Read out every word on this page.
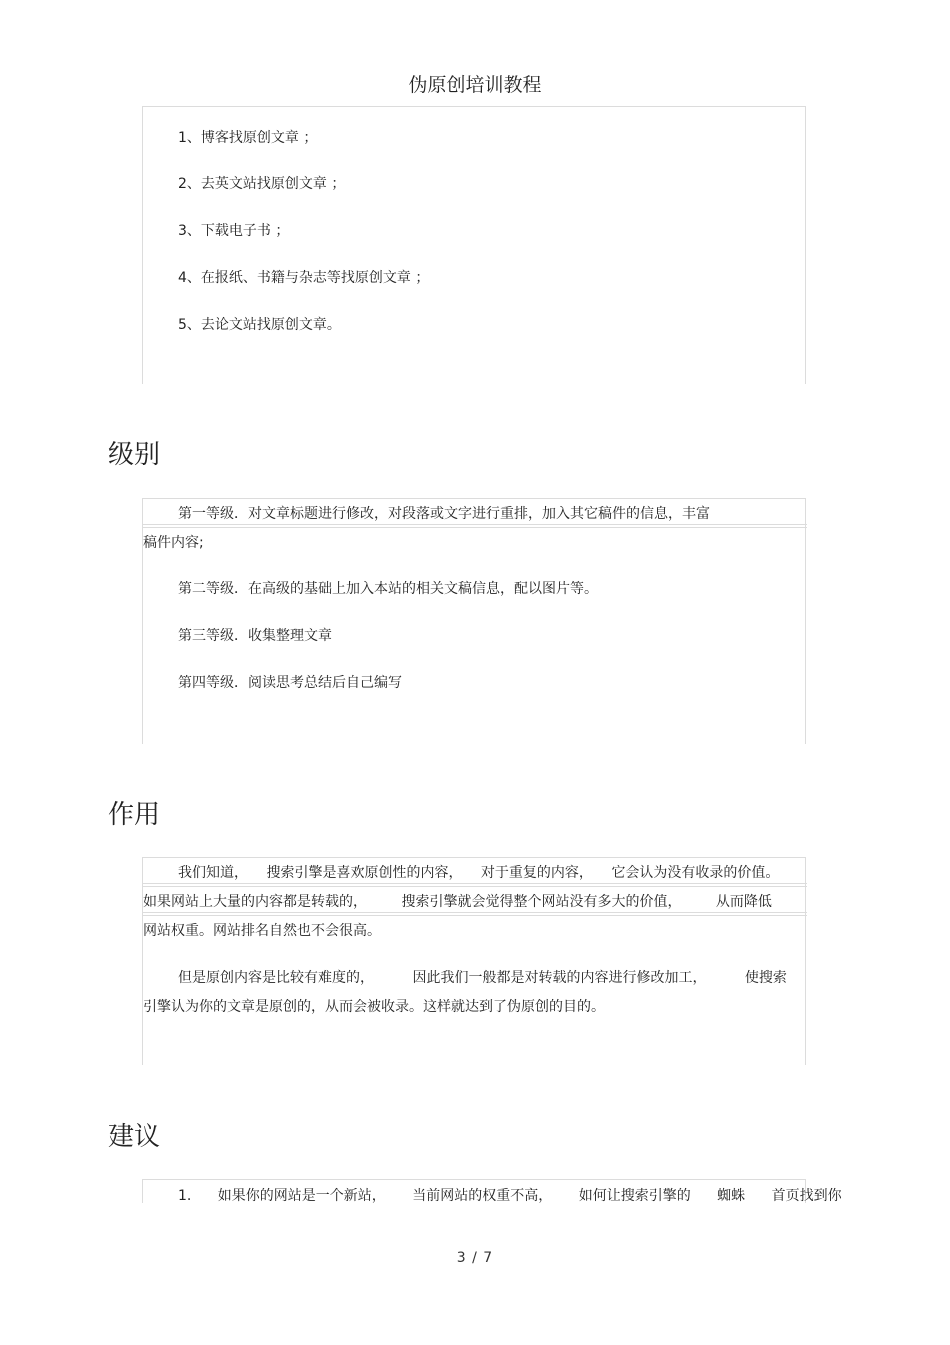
伪原创培训教程
1、博客找原创文章 ；
2、去英文站找原创文章 ；
3、下载电子书 ；
4、在报纸、书籍与杂志等找原创文章 ；
5、去论文站找原创文章。
级别
第一等级．对文章标题进行修改，对段落或文字进行重排，加入其它稿件的信息，丰富
稿件内容;
第二等级．在高级的基础上加入本站的相关文稿信息，配以图片等。
第三等级．收集整理文章
第四等级．阅读思考总结后自己编写
作用
我们知道， 搜索引擎是喜欢原创性的内容， 对于重复的内容， 它会认为没有收录的价值。
如果网站上大量的内容都是转载的， 搜索引擎就会觉得整个网站没有多大的价值， 从而降低
网站权重。网站排名自然也不会很高。
但是原创内容是比较有难度的， 因此我们一般都是对转载的内容进行修改加工， 使搜索
引擎认为你的文章是原创的，从而会被收录。这样就达到了伪原创的目的。
建议
1. 如果你的网站是一个新站， 当前网站的权重不高， 如何让搜索引擎的 蜘蛛 首页找到你
3 / 7
